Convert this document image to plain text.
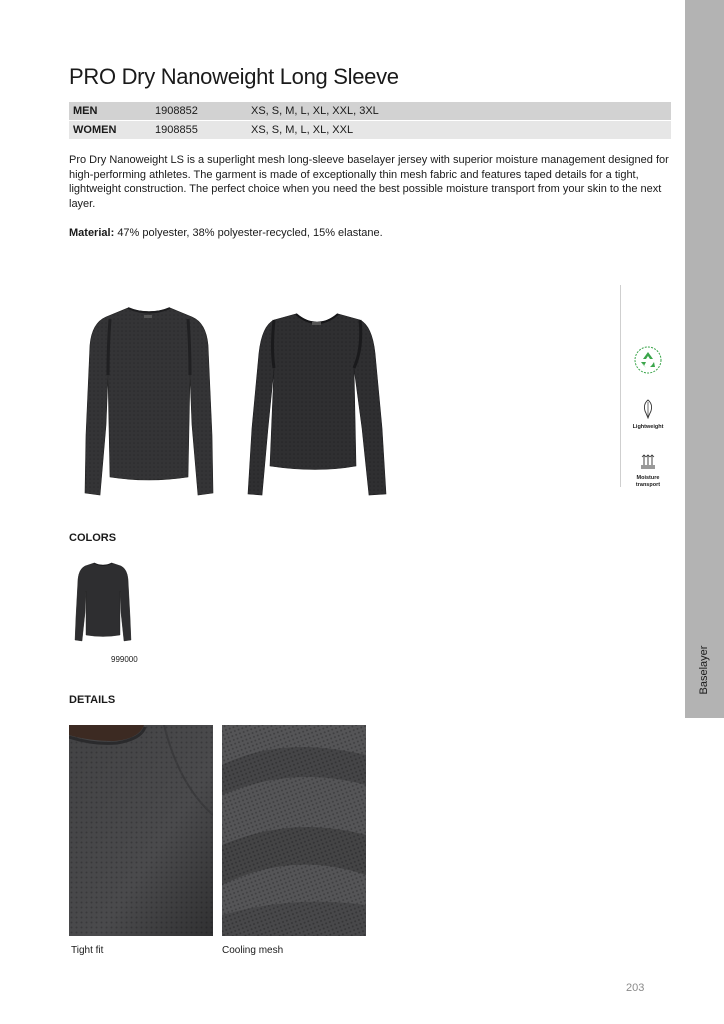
Baselayer
PRO Dry Nanoweight Long Sleeve
MEN	1908852	XS, S, M, L, XL, XXL, 3XL
WOMEN	1908855	XS, S, M, L, XL, XXL
Pro Dry Nanoweight LS is a superlight mesh long-sleeve baselayer jersey with superior moisture management designed for high-performing athletes. The garment is made of exceptionally thin mesh fabric and features taped details for a tight, lightweight construction. The perfect choice when you need the best possible moisture transport from your skin to the next layer.
Material: 47% polyester, 38% polyester-recycled, 15% elastane.
Lightweight
Moisture transport
COLORS
999000
DETAILS
Tight fit	Cooling mesh
203
